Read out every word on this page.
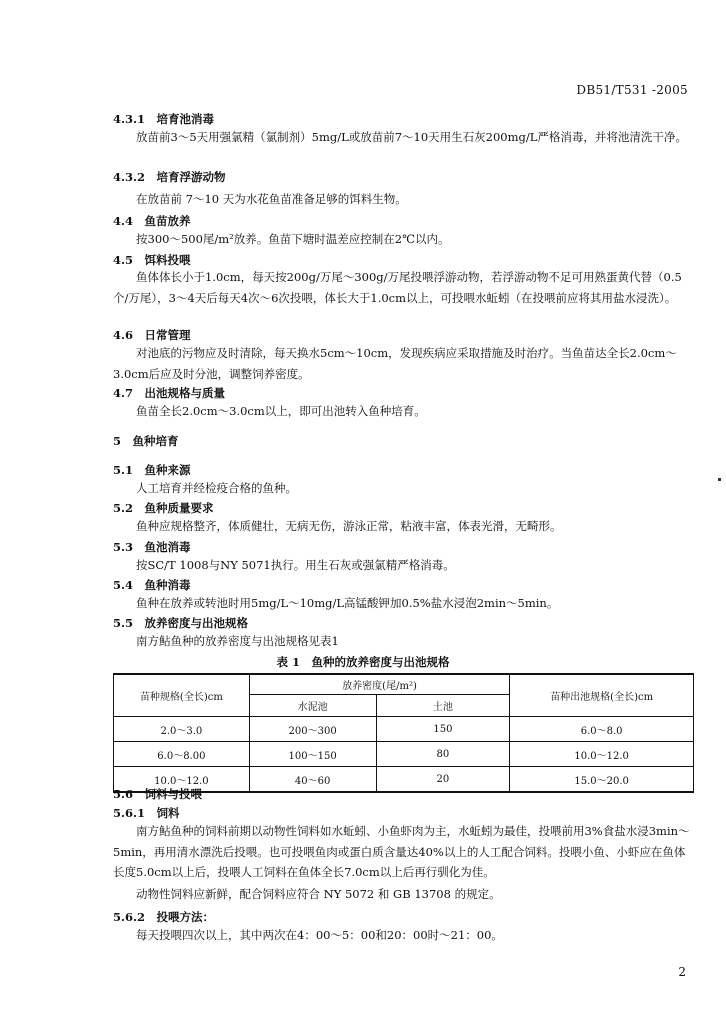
DB51/T531 -2005
4.3.1　培育池消毒
放苗前3～5天用强氯精（氯制剂）5mg/L或放苗前7～10天用生石灰200mg/L严格消毒，并将池清洗干净。
4.3.2　培育浮游动物
在放苗前 7～10 天为水花鱼苗准备足够的饵料生物。
4.4　鱼苗放养
按300～500尾/m²放养。鱼苗下塘时温差应控制在2℃以内。
4.5　饵料投喂
鱼体体长小于1.0cm，每天按200g/万尾～300g/万尾投喂浮游动物，若浮游动物不足可用熟蛋黄代替（0.5个/万尾），3～4天后每天4次～6次投喂，体长大于1.0cm以上，可投喂水蚯蚓（在投喂前应将其用盐水浸洗）。
4.6　日常管理
对池底的污物应及时清除，每天换水5cm～10cm，发现疾病应采取措施及时治疗。当鱼苗达全长2.0cm～3.0cm后应及时分池，调整饲养密度。
4.7　出池规格与质量
鱼苗全长2.0cm～3.0cm以上，即可出池转入鱼种培育。
5　鱼种培育
5.1　鱼种来源
人工培育并经检疫合格的鱼种。
5.2　鱼种质量要求
鱼种应规格整齐，体质健壮，无病无伤，游泳正常，粘液丰富，体表光滑，无畸形。
5.3　鱼池消毒
按SC/T 1008与NY 5071执行。用生石灰或强氯精严格消毒。
5.4　鱼种消毒
鱼种在放养或转池时用5mg/L～10mg/L高锰酸钾加0.5%盐水浸泡2min～5min。
5.5　放养密度与出池规格
南方鲇鱼种的放养密度与出池规格见表1
表 1　鱼种的放养密度与出池规格
苗种规格(全长)cm	放养密度(尾/m²)		苗种出池规格(全长)cm
	水泥池	土池	
2.0～3.0	200～300	150	6.0～8.0
6.0～8.00	100～150	80	10.0～12.0
10.0～12.0	40～60	20	15.0～20.0
5.6　饲料与投喂
5.6.1　饲料
南方鲇鱼种的饲料前期以动物性饲料如水蚯蚓、小鱼虾肉为主，水蚯蚓为最佳，投喂前用3%食盐水浸3min～5min，再用清水漂洗后投喂。也可投喂鱼肉或蛋白质含量达40%以上的人工配合饲料。投喂小鱼、小虾应在鱼体长度5.0cm以上后，投喂人工饲料在鱼体全长7.0cm以上后再行驯化为佳。
动物性饲料应新鲜，配合饲料应符合 NY 5072 和 GB 13708 的规定。
5.6.2　投喂方法：
每天投喂四次以上，其中两次在4：00～5：00和20：00时～21：00。
2
